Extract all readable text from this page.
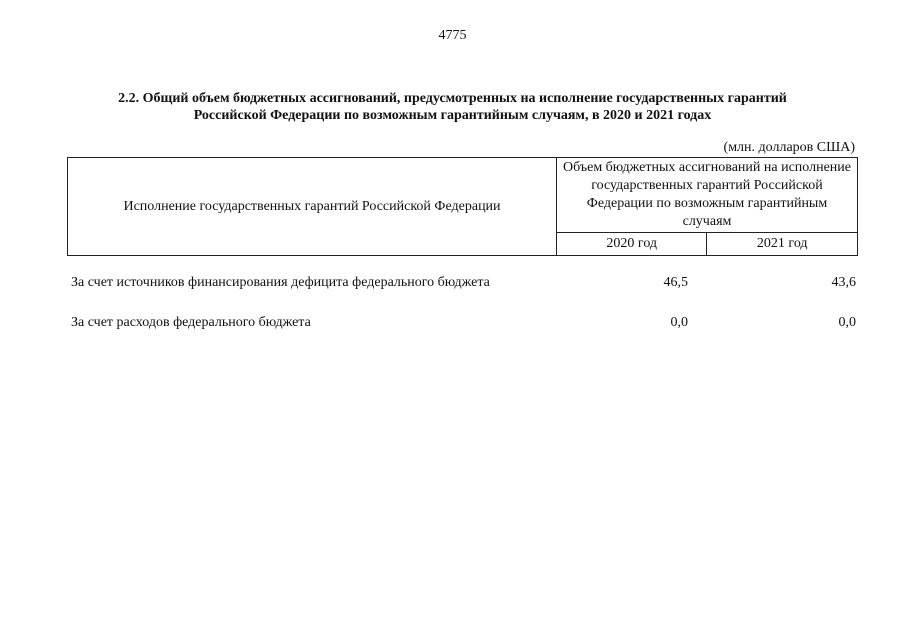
4775
2.2. Общий объем бюджетных ассигнований, предусмотренных на исполнение государственных гарантий
Российской Федерации по возможным гарантийным случаям, в 2020 и 2021 годах
(млн. долларов США)
Исполнение государственных гарантий Российской Федерации	Объем бюджетных ассигнований на исполнение государственных гарантий Российской Федерации по возможным гарантийным случаям	
	2020 год	2021 год
За счет источников финансирования дефицита федерального бюджета	46,5	43,6
За счет расходов федерального бюджета	0,0	0,0
